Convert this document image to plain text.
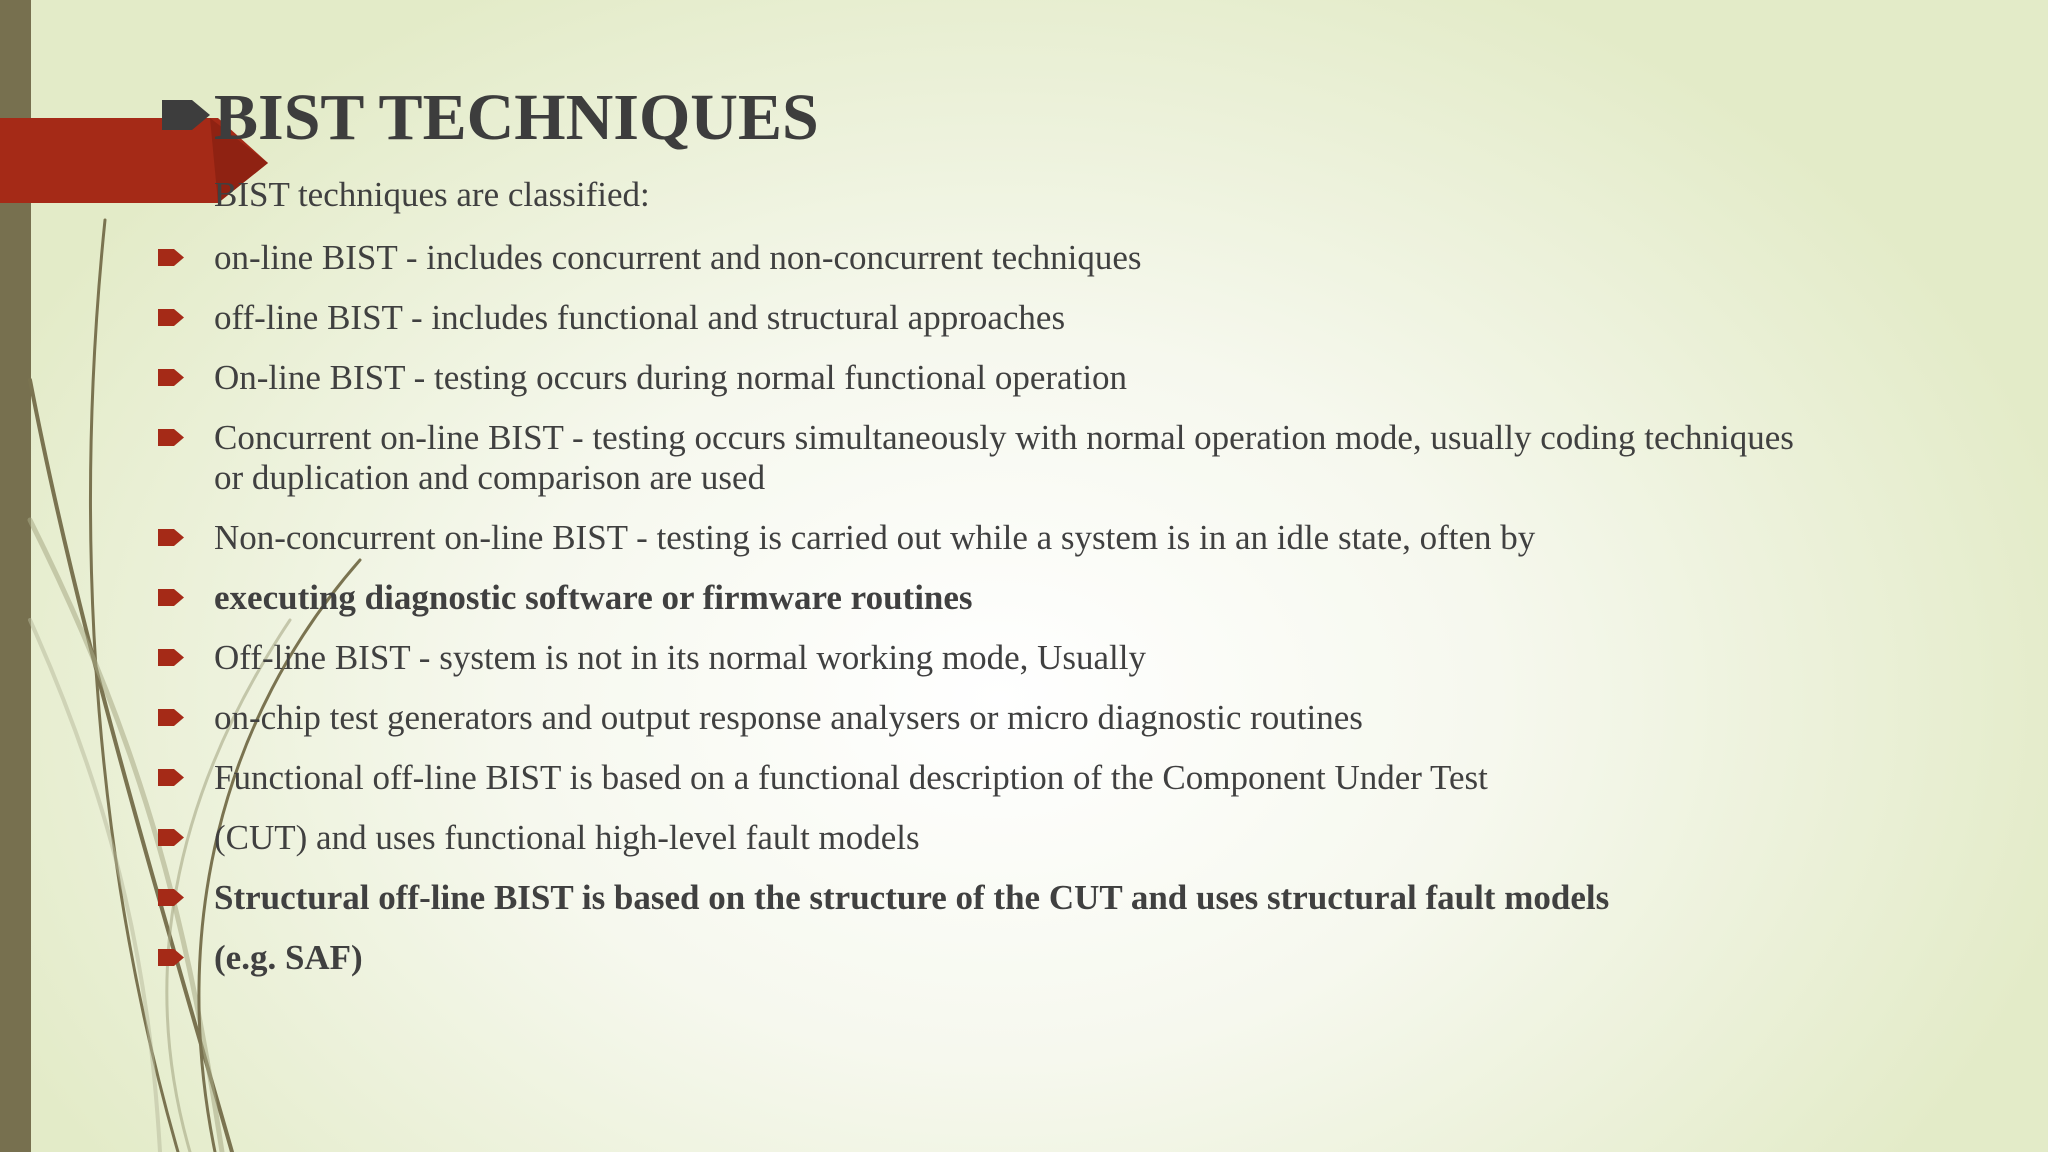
BIST TECHNIQUES
BIST techniques are classified:
on-line BIST - includes concurrent and non-concurrent techniques
off-line BIST - includes functional and structural approaches
On-line BIST - testing occurs during normal functional operation
Concurrent on-line BIST - testing occurs simultaneously with normal operation mode, usually coding techniques
or duplication and comparison are used
Non-concurrent on-line BIST - testing is carried out while a system is in an idle state, often by
executing diagnostic software or firmware routines
Off-line BIST - system is not in its normal working mode, Usually
on-chip test generators and output response analysers or micro diagnostic routines
Functional off-line BIST is based on a functional description of the Component Under Test
(CUT) and uses functional high-level fault models
Structural off-line BIST is based on the structure of the CUT and uses structural fault models
(e.g. SAF)
